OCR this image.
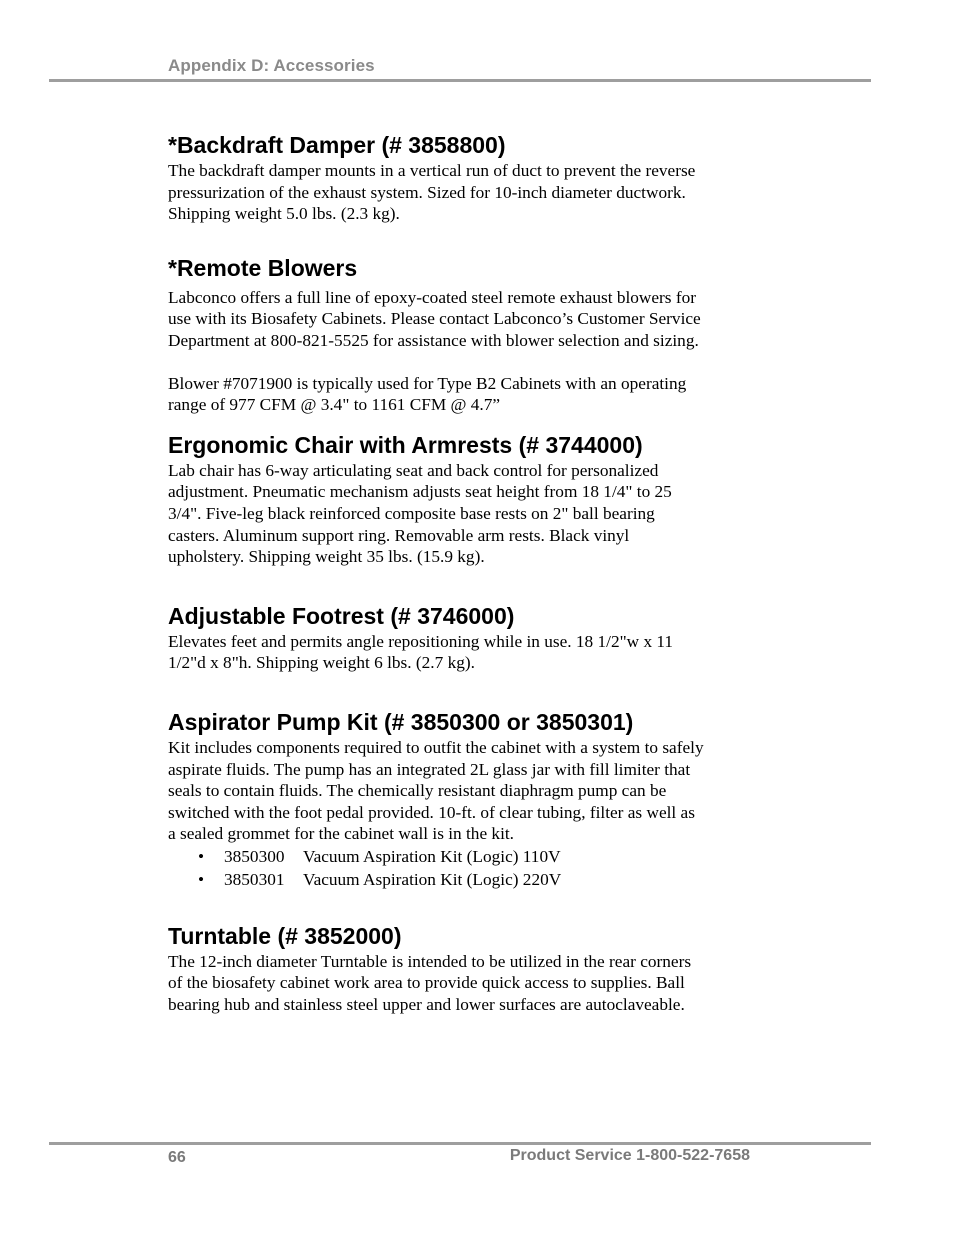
Appendix D: Accessories
*Backdraft Damper (# 3858800)

The backdraft damper mounts in a vertical run of duct to prevent the reverse
pressurization of the exhaust system. Sized for 10-inch diameter ductwork.
Shipping weight 5.0 lbs. (2.3 kg).

*Remote Blowers

Labconco offers a full line of epoxy-coated steel remote exhaust blowers for
use with its Biosafety Cabinets. Please contact Labconco’s Customer Service
Department at 800-821-5525 for assistance with blower selection and sizing.

Blower #7071900 is typically used for Type B2 Cabinets with an operating
range of 977 CFM @ 3.4" to 1161 CFM @ 4.7”

Ergonomic Chair with Armrests (# 3744000)

Lab chair has 6-way articulating seat and back control for personalized
adjustment. Pneumatic mechanism adjusts seat height from 18 1/4" to 25
3/4". Five-leg black reinforced composite base rests on 2" ball bearing
casters. Aluminum support ring. Removable arm rests. Black vinyl
upholstery. Shipping weight 35 lbs. (15.9 kg).

Adjustable Footrest (# 3746000)

Elevates feet and permits angle repositioning while in use. 18 1/2"w x 11
1/2"d x 8"h. Shipping weight 6 lbs. (2.7 kg).

Aspirator Pump Kit (# 3850300 or 3850301)

Kit includes components required to outfit the cabinet with a system to safely
aspirate fluids. The pump has an integrated 2L glass jar with fill limiter that
seals to contain fluids. The chemically resistant diaphragm pump can be
switched with the foot pedal provided. 10-ft. of clear tubing, filter as well as
a sealed grommet for the cabinet wall is in the kit.

• 3850300 Vacuum Aspiration Kit (Logic) 110V
• 3850301 Vacuum Aspiration Kit (Logic) 220V
Turntable (# 3852000)

The 12-inch diameter Turntable is intended to be utilized in the rear corners
of the biosafety cabinet work area to provide quick access to supplies. Ball
bearing hub and stainless steel upper and lower surfaces are autoclaveable.

66	Product Service 1-800-522-7658
